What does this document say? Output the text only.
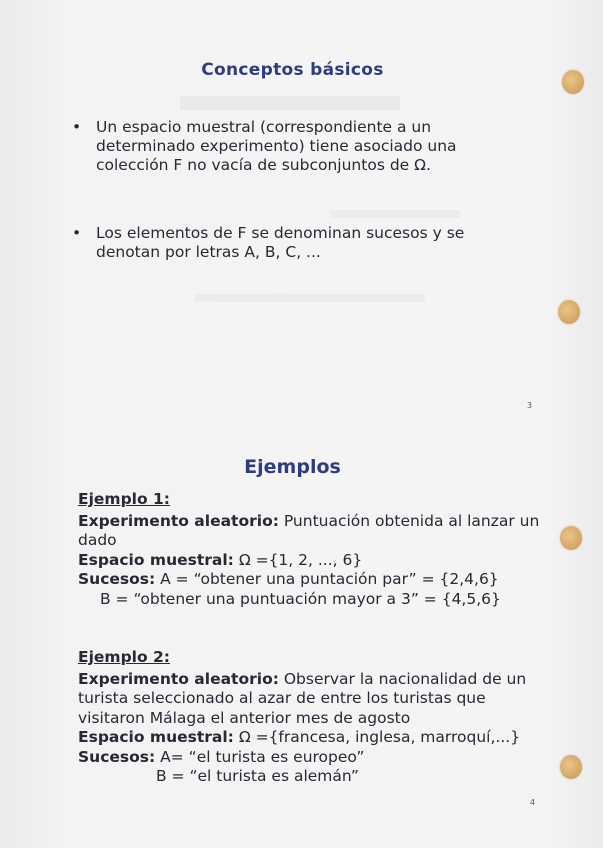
Conceptos básicos
• Un espacio muestral (correspondiente a un determinado experimento) tiene asociado una colección F no vacía de subconjuntos de Ω.
• Los elementos de F se denominan sucesos y se denotan por letras A, B, C, ...
3
Ejemplos
Ejemplo 1:
Experimento aleatorio: Puntuación obtenida al lanzar un dado
Espacio muestral: Ω ={1, 2, ..., 6}
Sucesos: A = “obtener una puntación par” = {2,4,6}
B = “obtener una puntuación mayor a 3” = {4,5,6}
Ejemplo 2:
Experimento aleatorio: Observar la nacionalidad de un turista seleccionado al azar de entre los turistas que visitaron Málaga el anterior mes de agosto
Espacio muestral: Ω ={francesa, inglesa, marroquí,...}
Sucesos: A= “el turista es europeo”
B = “el turista es alemán”
4
